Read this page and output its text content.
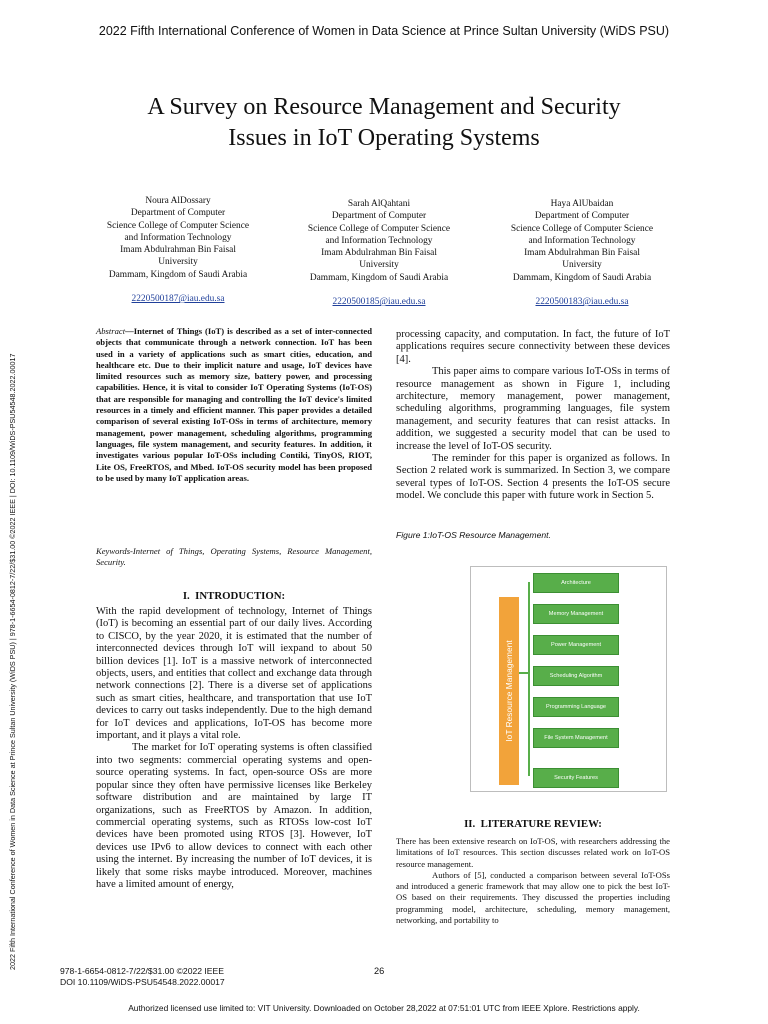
2022 Fifth International Conference of Women in Data Science at Prince Sultan University (WiDS PSU)
2022 Fifth International Conference of Women in Data Science at Prince Sultan University (WiDS PSU) | 978-1-6654-0812-7/22/$31.00 ©2022 IEEE | DOI: 10.1109/WiDS-PSU54548.2022.00017
A Survey on Resource Management and Security
Issues in IoT Operating Systems
Noura AlDossary
Department of Computer
Science College of Computer Science
and Information Technology
Imam Abdulrahman Bin Faisal
University
Dammam, Kingdom of Saudi Arabia
2220500187@iau.edu.sa
Sarah AlQahtani
Department of Computer
Science College of Computer Science
and Information Technology
Imam Abdulrahman Bin Faisal
University
Dammam, Kingdom of Saudi Arabia
2220500185@iau.edu.sa
Haya AlUbaidan
Department of Computer
Science College of Computer Science
and Information Technology
Imam Abdulrahman Bin Faisal
University
Dammam, Kingdom of Saudi Arabia
2220500183@iau.edu.sa
Abstract—Internet of Things (IoT) is described as a set of inter-connected objects that communicate through a network connection. IoT has been used in a variety of applications such as smart cities, education, and healthcare etc. Due to their implicit nature and usage, IoT devices have limited resources such as memory size, battery power, and processing capabilities. Hence, it is vital to consider IoT Operating Systems (IoT-OS) that are responsible for managing and controlling the IoT device's limited resources in a timely and efficient manner. This paper provides a detailed comparison of several existing IoT-OSs in terms of architecture, memory management, power management, scheduling algorithms, programming languages, file system management, and security features. In addition, it investigates various popular IoT-OSs including Contiki, TinyOS, RIOT, Lite OS, FreeRTOS, and Mbed. IoT-OS security model has been proposed to be used by many IoT application areas.
Keywords-Internet of Things, Operating Systems, Resource Management, Security.
I.  INTRODUCTION:
With the rapid development of technology, Internet of Things (IoT) is becoming an essential part of our daily lives. According to CISCO, by the year 2020, it is estimated that the number of interconnected devices through IoT will iexpand to about 50 billion devices [1]. IoT is a massive network of interconnected objects, users, and entities that collect and exchange data through network connections [2]. There is a diverse set of applications such as smart cities, healthcare, and transportation that use IoT devices to carry out tasks independently. Due to the high demand for IoT devices and applications, IoT-OS has become more important, and it plays a vital role.
The market for IoT operating systems is often classified into two segments: commercial operating systems and open-source operating systems. In fact, open-source OSs are more popular since they often have permissive licenses like Berkeley software distribution and are maintained by large IT organizations, such as FreeRTOS by Amazon. In addition, commercial operating systems, such as RTOSs low-cost IoT devices have been promoted using RTOS [3]. However, IoT devices use IPv6 to allow devices to connect with each other using the internet. By increasing the number of IoT devices, it is likely that some risks maybe introduced. Moreover, machines have a limited amount of energy,
processing capacity, and computation. In fact, the future of IoT applications requires secure connectivity between these devices [4].
This paper aims to compare various IoT-OSs in terms of resource management as shown in Figure 1, including architecture, memory management, power management, scheduling algorithms, programming languages, file system management, and security features that can resist attacks. In addition, we suggested a security model that can be used to increase the level of IoT-OS security.
The reminder for this paper is organized as follows. In Section 2 related work is summarized. In Section 3, we compare several types of IoT-OS. Section 4 presents the IoT-OS secure model. We conclude this paper with future work in Section 5.
Figure 1:IoT-OS Resource Management.
IoT Resource Management
Architecture
Memory Management
Power Management
Scheduling Algorithm
Programming Language
File System Management
Security Features
II.  LITERATURE REVIEW:
There has been extensive research on IoT-OS, with researchers addressing the limitations of IoT resources. This section discusses related work on IoT-OS resource management.
Authors of [5], conducted a comparison between several IoT-OSs and introduced a generic framework that may allow one to pick the best IoT-OS based on their requirements. They discussed the properties including programming model, architecture, scheduling, memory management, networking, and portability to
978-1-6654-0812-7/22/$31.00 ©2022 IEEE
DOI 10.1109/WiDS-PSU54548.2022.00017
26
Authorized licensed use limited to: VIT University. Downloaded on October 28,2022 at 07:51:01 UTC from IEEE Xplore. Restrictions apply.
